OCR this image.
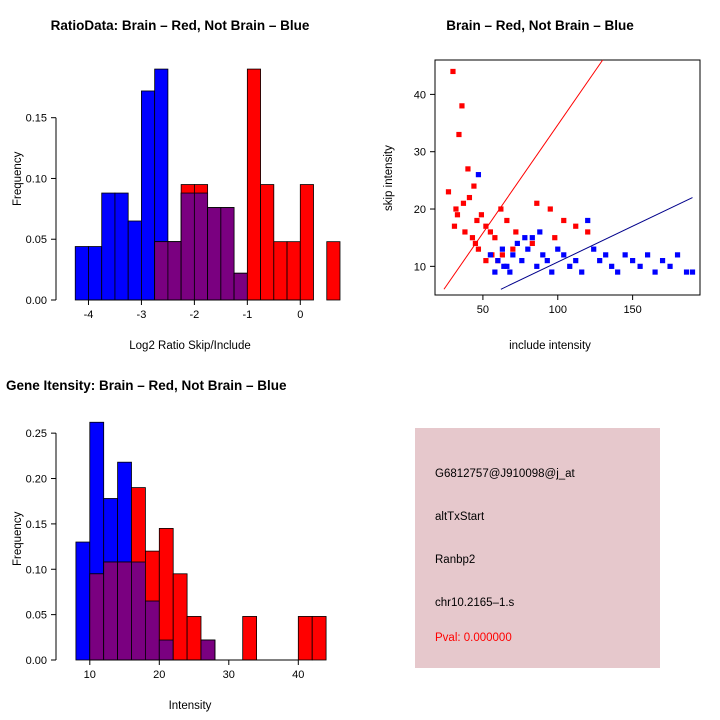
RatioData: Brain – Red, Not Brain – Blue
Frequency
Log2 Ratio Skip/Include
-4	-3	-2	-1	0
0.00
0.05
0.10
0.15
Brain – Red, Not Brain – Blue
skip intensity
include intensity
50	100	150
10
20
30
40
Gene Itensity: Brain – Red, Not Brain – Blue
Frequency
Intensity
10	20	30	40
0.00
0.05
0.10
0.15
0.20
0.25
G6812757@J910098@j_at
altTxStart
Ranbp2
chr10.2165–1.s
Pval: 0.000000
